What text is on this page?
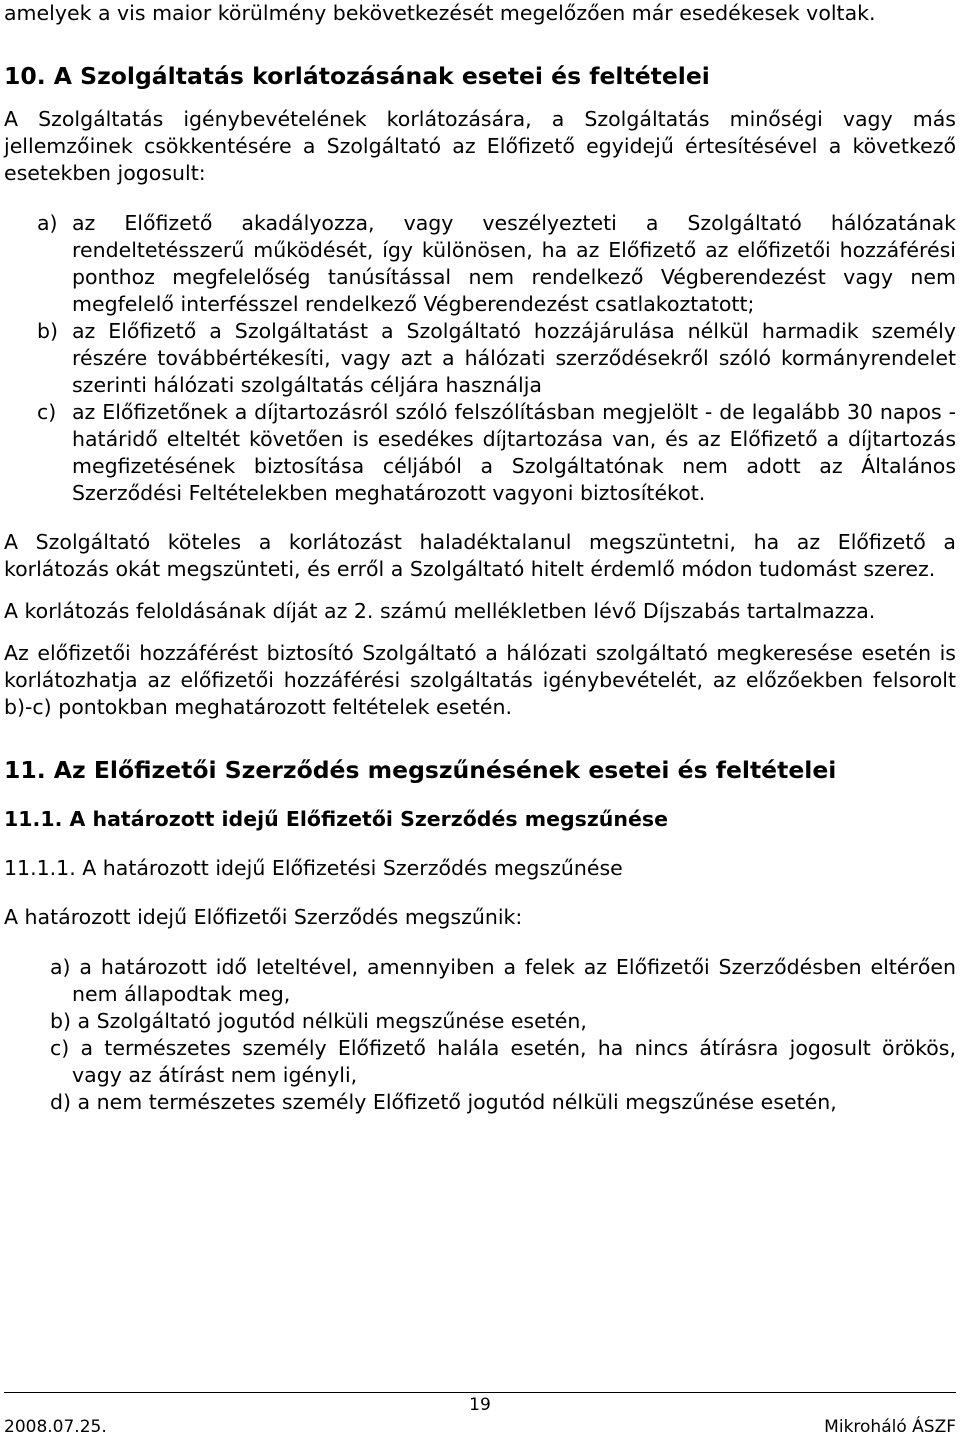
amelyek a vis maior körülmény bekövetkezését megelőzően már esedékesek voltak.

10. A Szolgáltatás korlátozásának esetei és feltételei

A Szolgáltatás igénybevételének korlátozására, a Szolgáltatás minőségi vagy más jellemzőinek csökkentésére a Szolgáltató az Előfizető egyidejű értesítésével a következő esetekben jogosult:

a) az Előfizető akadályozza, vagy veszélyezteti a Szolgáltató hálózatának rendeltetésszerű működését, így különösen, ha az Előfizető az előfizetői hozzáférési ponthoz megfelelőség tanúsítással nem rendelkező Végberendezést vagy nem megfelelő interfésszel rendelkező Végberendezést csatlakoztatott;
b) az Előfizető a Szolgáltatást a Szolgáltató hozzájárulása nélkül harmadik személy részére továbbértékesíti, vagy azt a hálózati szerződésekről szóló kormányrendelet szerinti hálózati szolgáltatás céljára használja
c) az Előfizetőnek a díjtartozásról szóló felszólításban megjelölt - de legalább 30 napos - határidő elteltét követően is esedékes díjtartozása van, és az Előfizető a díjtartozás megfizetésének biztosítása céljából a Szolgáltatónak nem adott az Általános Szerződési Feltételekben meghatározott vagyoni biztosítékot.

A Szolgáltató köteles a korlátozást haladéktalanul megszüntetni, ha az Előfizető a korlátozás okát megszünteti, és erről a Szolgáltató hitelt érdemlő módon tudomást szerez.

A korlátozás feloldásának díját az 2. számú mellékletben lévő Díjszabás tartalmazza.

Az előfizetői hozzáférést biztosító Szolgáltató a hálózati szolgáltató megkeresése esetén is korlátozhatja az előfizetői hozzáférési szolgáltatás igénybevételét, az előzőekben felsorolt b)-c) pontokban meghatározott feltételek esetén.

11. Az Előfizetői Szerződés megszűnésének esetei és feltételei

11.1. A határozott idejű Előfizetői Szerződés megszűnése

11.1.1. A határozott idejű Előfizetési Szerződés megszűnése

A határozott idejű Előfizetői Szerződés megszűnik:

a) a határozott idő leteltével, amennyiben a felek az Előfizetői Szerződésben eltérően nem állapodtak meg,
b) a Szolgáltató jogutód nélküli megszűnése esetén,
c) a természetes személy Előfizető halála esetén, ha nincs átírásra jogosult örökös, vagy az átírást nem igényli,
d) a nem természetes személy Előfizető jogutód nélküli megszűnése esetén,
19
2008.07.25.	Mikroháló ÁSZF
